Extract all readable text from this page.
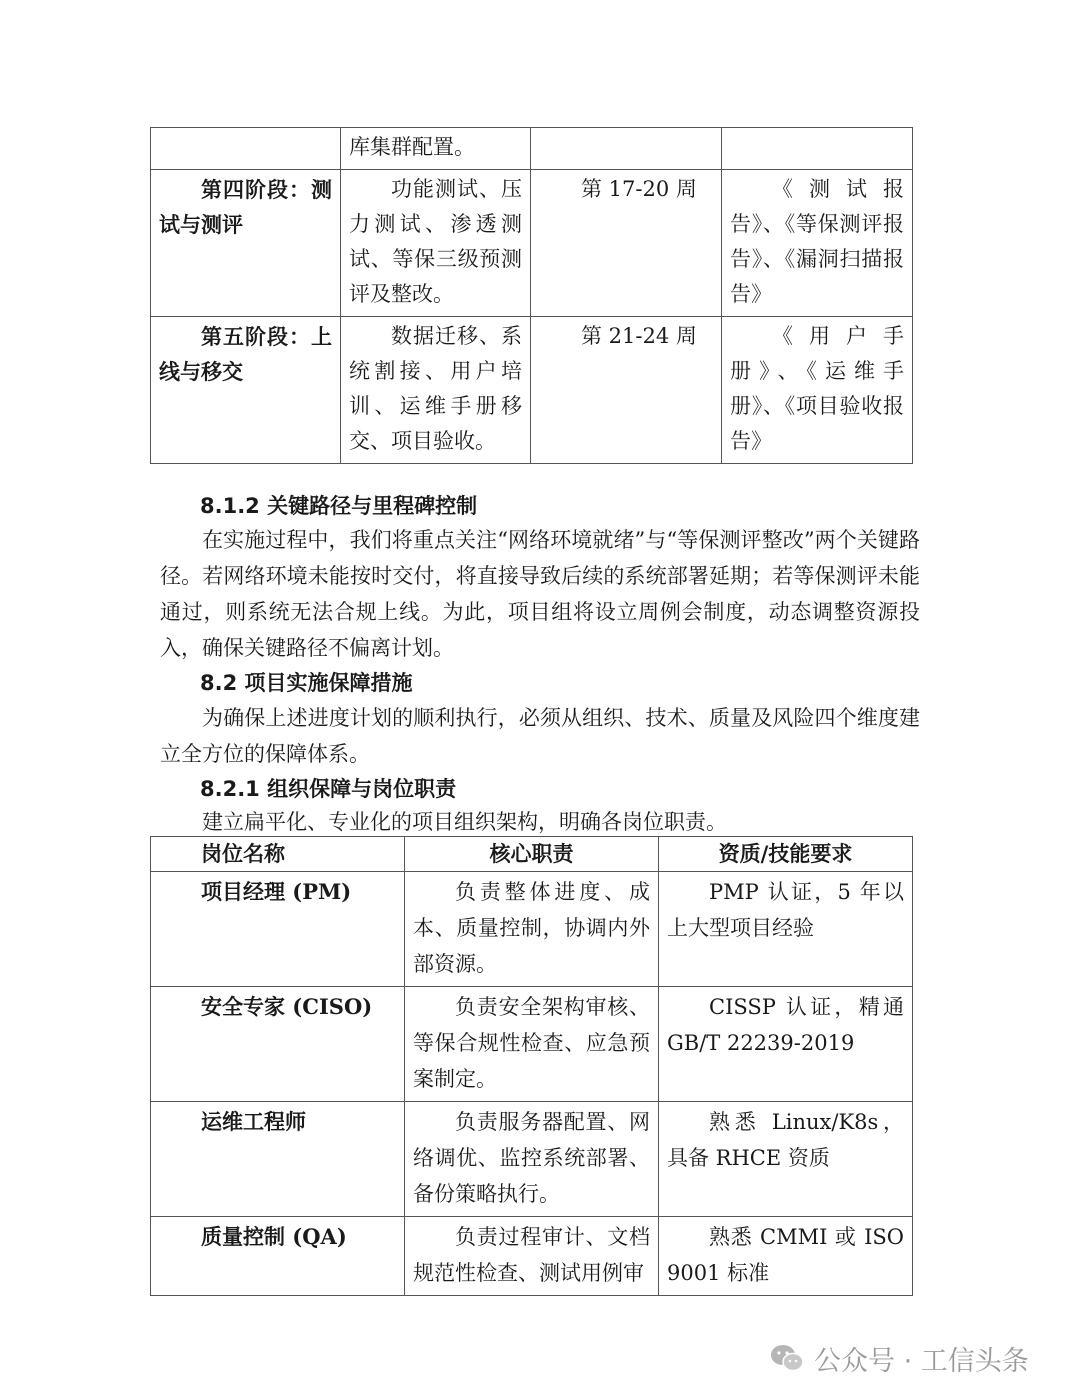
	库集群配置。		
第四阶段：测试与测评	功能测试、压力测试、渗透测试、等保三级预测评及整改。	第 17-20 周	《测试报告》、《等保测评报告》、《漏洞扫描报告》
第五阶段：上线与移交	数据迁移、系统割接、用户培训、运维手册移交、项目验收。	第 21-24 周	《用户手册》、《运维手册》、《项目验收报告》
8.1.2 关键路径与里程碑控制
在实施过程中，我们将重点关注“网络环境就绪”与“等保测评整改”两个关键路径。若网络环境未能按时交付，将直接导致后续的系统部署延期；若等保测评未能通过，则系统无法合规上线。为此，项目组将设立周例会制度，动态调整资源投入，确保关键路径不偏离计划。
8.2 项目实施保障措施
为确保上述进度计划的顺利执行，必须从组织、技术、质量及风险四个维度建立全方位的保障体系。
8.2.1 组织保障与岗位职责
建立扁平化、专业化的项目组织架构，明确各岗位职责。
岗位名称	核心职责	资质/技能要求
项目经理 (PM)	负责整体进度、成本、质量控制，协调内外部资源。	PMP 认证，5 年以上大型项目经验
安全专家 (CISO)	负责安全架构审核、等保合规性检查、应急预案制定。	CISSP 认证，精通 GB/T 22239-2019
运维工程师	负责服务器配置、网络调优、监控系统部署、备份策略执行。	熟悉 Linux/K8s，具备 RHCE 资质
质量控制 (QA)	负责过程审计、文档规范性检查、测试用例审	熟悉 CMMI 或 ISO 9001 标准
公众号 · 工信头条
